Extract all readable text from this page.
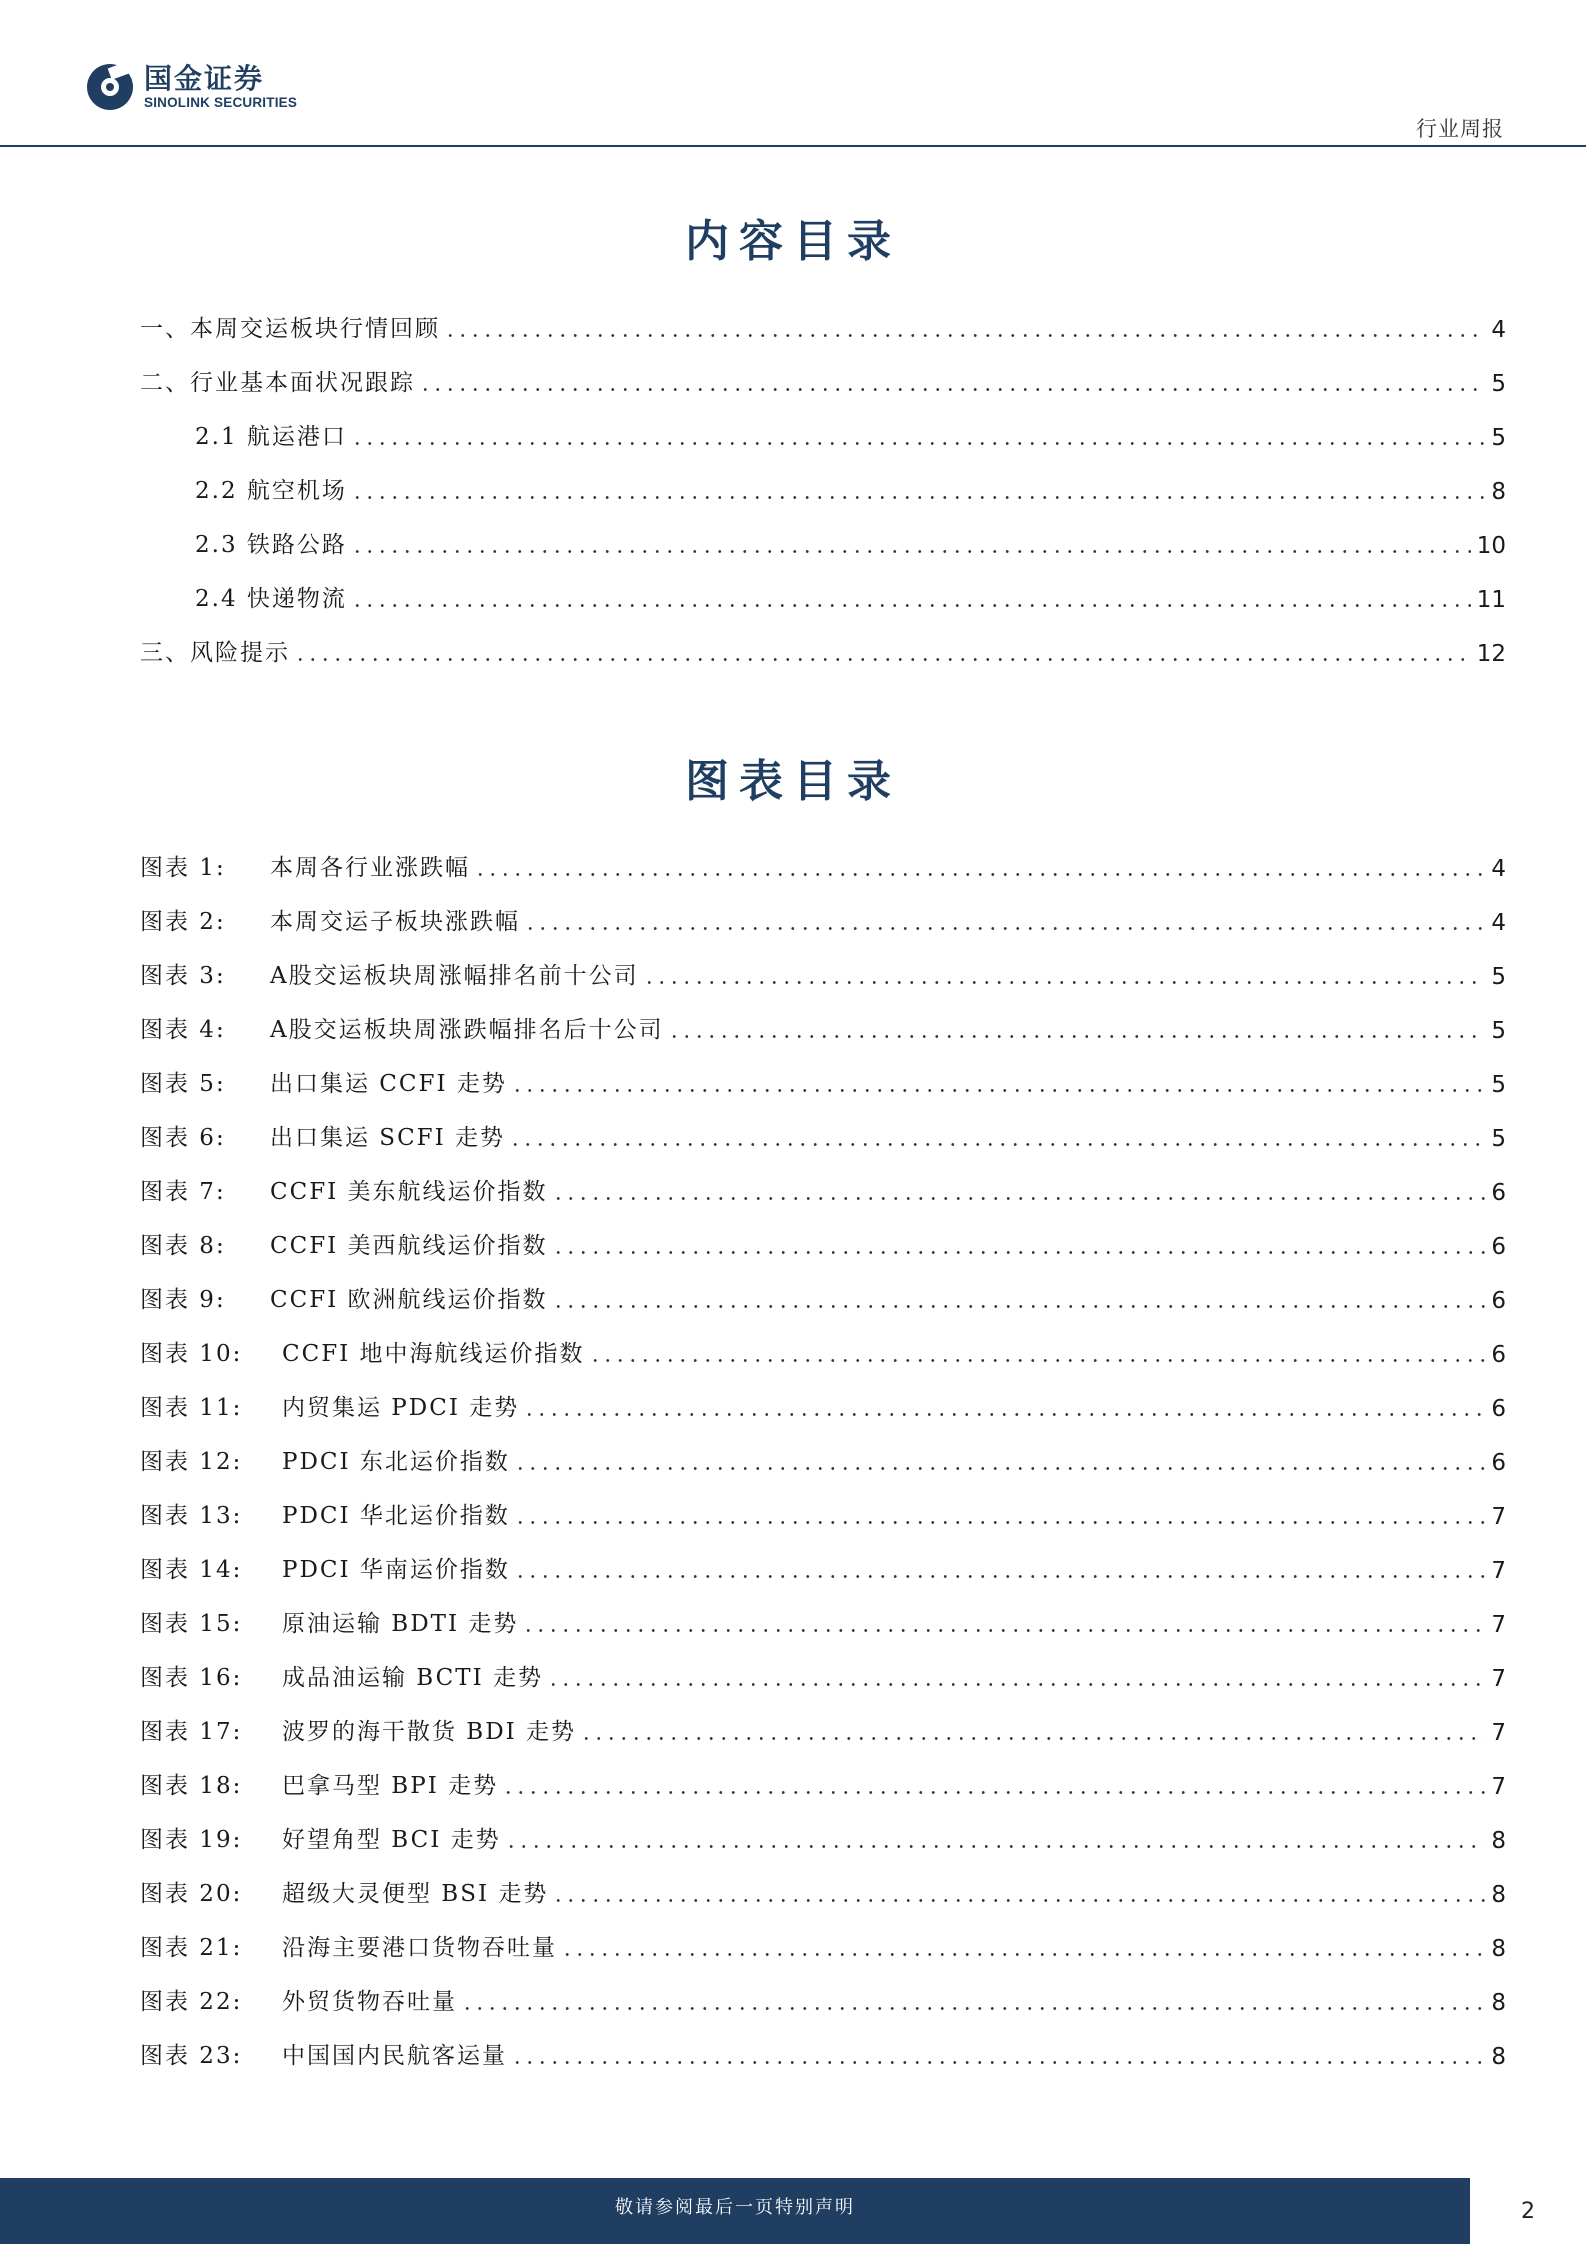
国金证券
SINOLINK SECURITIES
行业周报
内容目录
一、本周交运板块行情回顾	4
二、行业基本面状况跟踪	5
2.1 航运港口	5
2.2 航空机场	8
2.3 铁路公路	10
2.4 快递物流	11
三、风险提示	12
图表目录
图表 1: 本周各行业涨跌幅	4
图表 2: 本周交运子板块涨跌幅	4
图表 3: A股交运板块周涨幅排名前十公司	5
图表 4: A股交运板块周涨跌幅排名后十公司	5
图表 5: 出口集运 CCFI 走势	5
图表 6: 出口集运 SCFI 走势	5
图表 7: CCFI 美东航线运价指数	6
图表 8: CCFI 美西航线运价指数	6
图表 9: CCFI 欧洲航线运价指数	6
图表 10: CCFI 地中海航线运价指数	6
图表 11: 内贸集运 PDCI 走势	6
图表 12: PDCI 东北运价指数	6
图表 13: PDCI 华北运价指数	7
图表 14: PDCI 华南运价指数	7
图表 15: 原油运输 BDTI 走势	7
图表 16: 成品油运输 BCTI 走势	7
图表 17: 波罗的海干散货 BDI 走势	7
图表 18: 巴拿马型 BPI 走势	7
图表 19: 好望角型 BCI 走势	8
图表 20: 超级大灵便型 BSI 走势	8
图表 21: 沿海主要港口货物吞吐量	8
图表 22: 外贸货物吞吐量	8
图表 23: 中国国内民航客运量	8
敬请参阅最后一页特别声明	2
